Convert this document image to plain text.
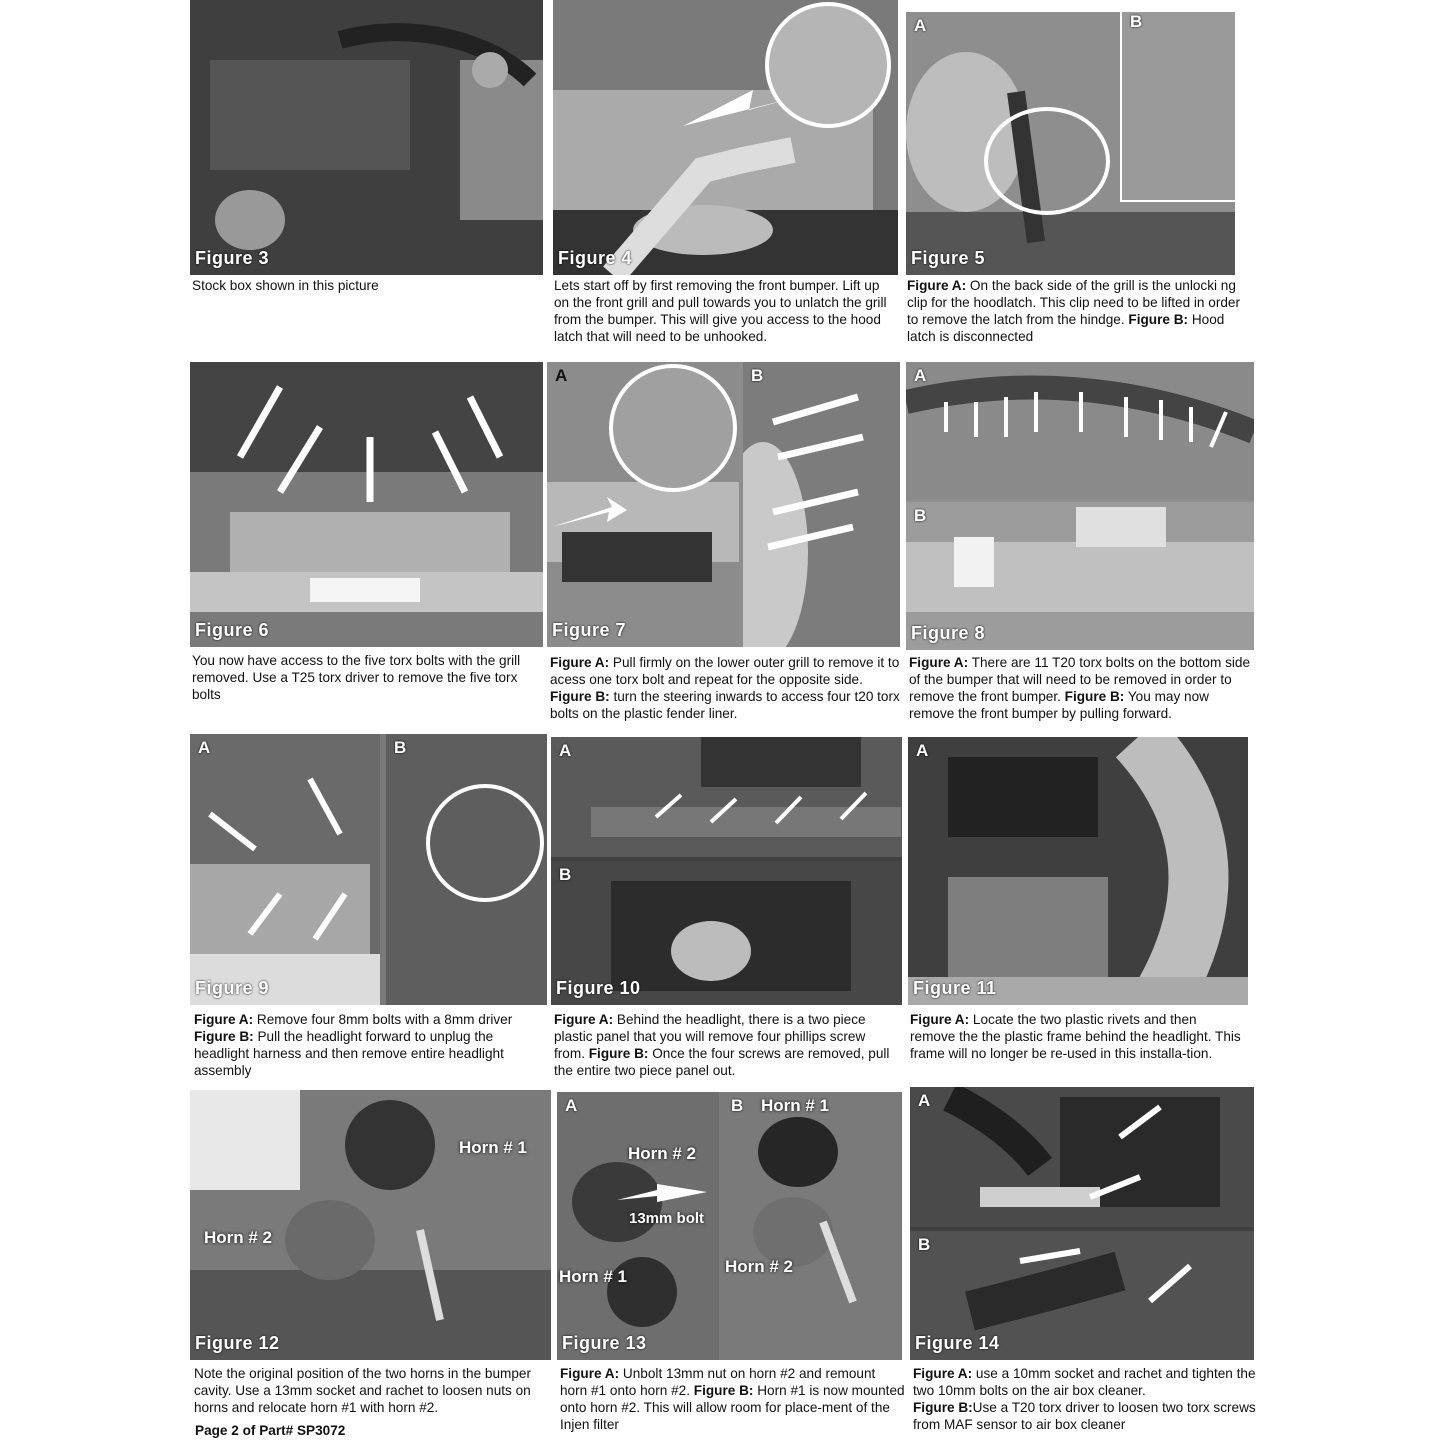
Figure 3
Stock box shown in this picture
Figure 4
Lets start off by first removing the front bumper. Lift up on the front grill and pull towards you to unlatch the grill from the bumper. This will give you access to the hood latch that will need to be unhooked.
B
A
Figure 5
Figure A: On the back side of the grill is the unlocki ng clip for the hoodlatch. This clip need to be lifted in order to remove the latch from the hindge. Figure B: Hood latch is disconnected
Figure 6
You now have access to the five torx bolts with the grill removed. Use a T25 torx driver to remove the five torx bolts
A	B
Figure 7
Figure A: Pull firmly on the lower outer grill to remove it to acess one torx bolt and repeat for the opposite side. Figure B: turn the steering inwards to access four t20 torx bolts on the plastic fender liner.
A
B
Figure 8
Figure A: There are 11 T20 torx bolts on the bottom side of the bumper that will need to be removed in order to remove the front bumper. Figure B: You may now remove the front bumper by pulling forward.
A	B
Figure 9
Figure A: Remove four 8mm bolts with a 8mm driver
Figure B: Pull the headlight forward to unplug the headlight harness and then remove entire headlight assembly
A
B
Figure 10
Figure A: Behind the headlight, there is a two piece plastic panel that you will remove four phillips screw from. Figure B: Once the four screws are removed, pull the entire two piece panel out.
A
Figure 11
Figure A: Locate the two plastic rivets and then remove the the plastic frame behind the headlight. This frame will no longer be re-used in this installa-tion.
Horn # 1
Horn # 2
Figure 12
Note the original position of the two horns in the bumper cavity. Use a 13mm socket and rachet to loosen nuts on horns and relocate horn #1 with horn #2.
A
Horn # 2
13mm bolt
Horn # 1
B Horn # 1
Horn # 2
Figure 13
Figure A: Unbolt 13mm nut on horn #2 and remount horn #1 onto horn #2. Figure B: Horn #1 is now mounted onto horn #2. This will allow room for place-ment of the Injen filter
A
B
Figure 14
Figure A: use a 10mm socket and rachet and tighten the two 10mm bolts on the air box cleaner.
Figure B:Use a T20 torx driver to loosen two torx screws from MAF sensor to air box cleaner
Page 2 of Part# SP3072
